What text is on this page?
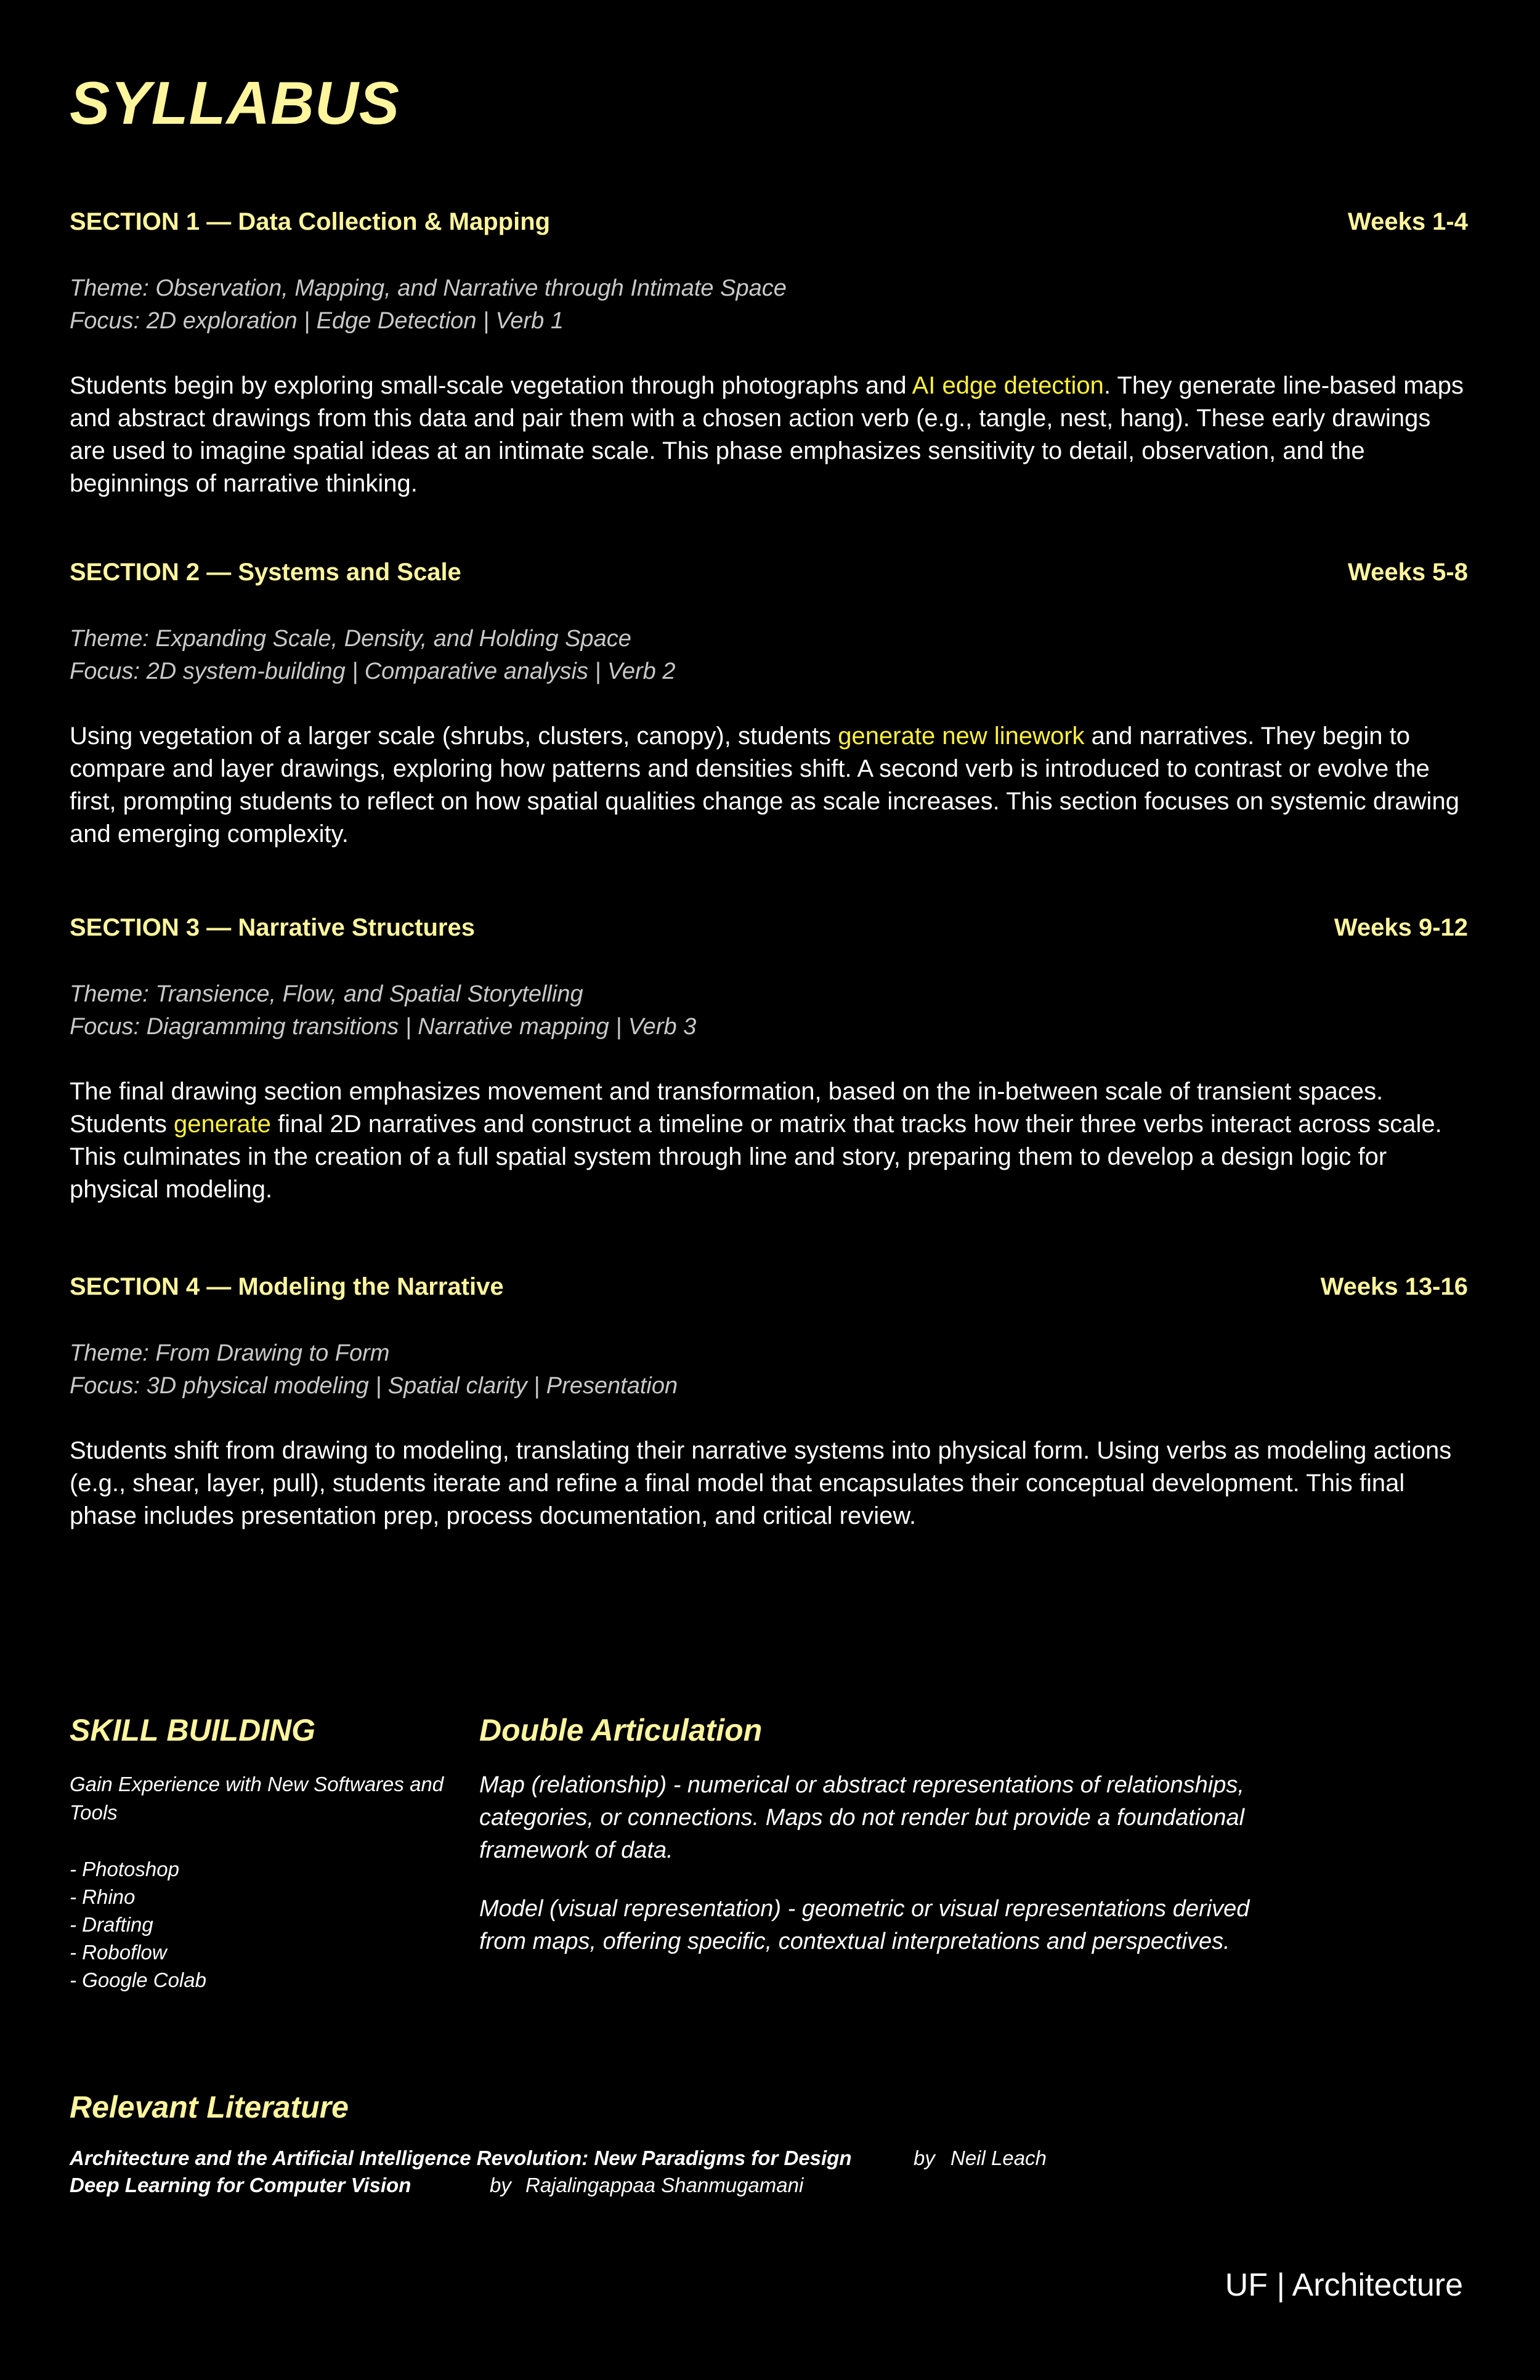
SYLLABUS
SECTION 1 — Data Collection & Mapping	Weeks 1-4
Theme: Observation, Mapping, and Narrative through Intimate Space
Focus: 2D exploration | Edge Detection | Verb 1
Students begin by exploring small-scale vegetation through photographs and AI edge detection. They generate line-based maps and abstract drawings from this data and pair them with a chosen action verb (e.g., tangle, nest, hang). These early drawings are used to imagine spatial ideas at an intimate scale. This phase emphasizes sensitivity to detail, observation, and the beginnings of narrative thinking.
SECTION 2 — Systems and Scale	Weeks 5-8
Theme: Expanding Scale, Density, and Holding Space
Focus: 2D system-building | Comparative analysis | Verb 2
Using vegetation of a larger scale (shrubs, clusters, canopy), students generate new linework and narratives. They begin to compare and layer drawings, exploring how patterns and densities shift. A second verb is introduced to contrast or evolve the first, prompting students to reflect on how spatial qualities change as scale increases. This section focuses on systemic drawing and emerging complexity.
SECTION 3 — Narrative Structures	Weeks 9-12
Theme: Transience, Flow, and Spatial Storytelling
Focus: Diagramming transitions | Narrative mapping | Verb 3
The final drawing section emphasizes movement and transformation, based on the in-between scale of transient spaces. Students generate final 2D narratives and construct a timeline or matrix that tracks how their three verbs interact across scale. This culminates in the creation of a full spatial system through line and story, preparing them to develop a design logic for physical modeling.
SECTION 4 — Modeling the Narrative	Weeks 13-16
Theme: From Drawing to Form
Focus: 3D physical modeling | Spatial clarity | Presentation
Students shift from drawing to modeling, translating their narrative systems into physical form. Using verbs as modeling actions (e.g., shear, layer, pull), students iterate and refine a final model that encapsulates their conceptual development. This final phase includes presentation prep, process documentation, and critical review.
SKILL BUILDING
Gain Experience with New Softwares and Tools
- Photoshop
- Rhino
- Drafting
- Roboflow
- Google Colab
Double Articulation
Map (relationship) - numerical or abstract representations of relationships, categories, or connections. Maps do not render but provide a foundational framework of data.
Model (visual representation) - geometric or visual representations derived from maps, offering specific, contextual interpretations and perspectives.
Relevant Literature
Architecture and the Artificial Intelligence Revolution: New Paradigms for Design	by Neil Leach
Deep Learning for Computer Vision	by Rajalingappaa Shanmugamani
UF | Architecture
